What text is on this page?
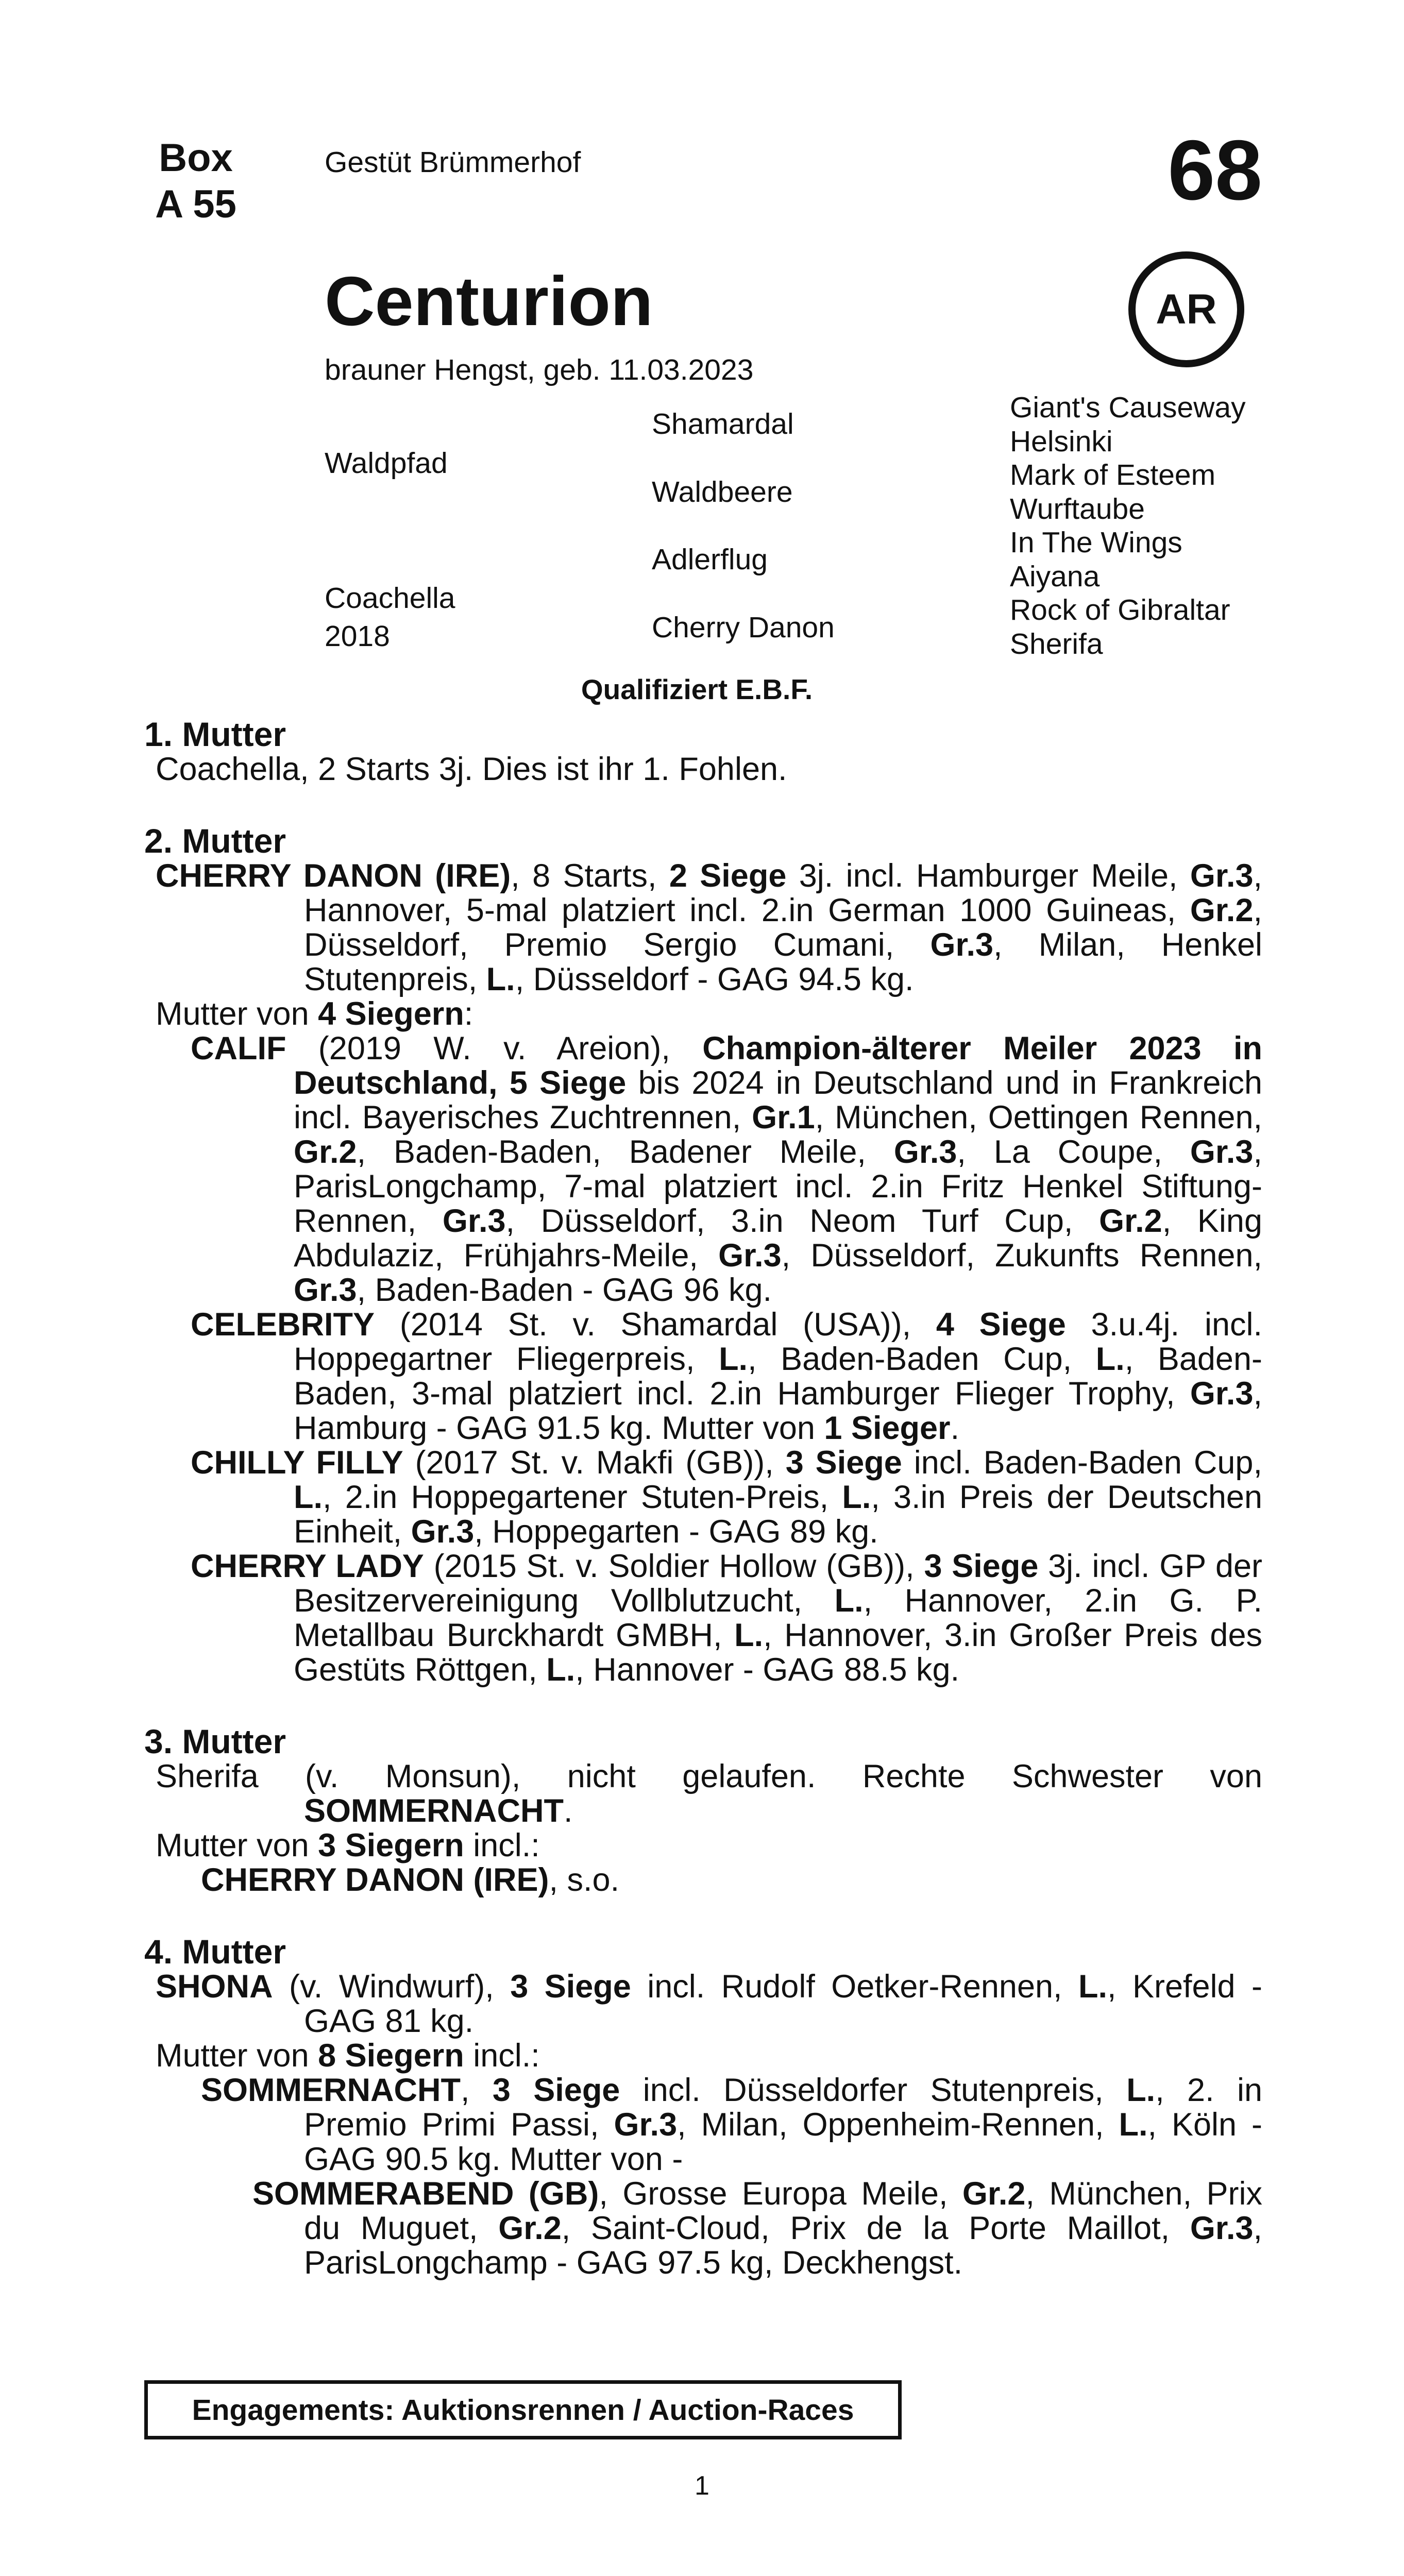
Box
A 55
Gestüt Brümmerhof	68
Centurion	AR
brauner Hengst, geb. 11.03.2023
Waldpfad
Coachella
2018
Shamardal
Waldbeere
Adlerflug
Cherry Danon
Giant's Causeway
Helsinki
Mark of Esteem
Wurftaube
In The Wings
Aiyana
Rock of Gibraltar
Sherifa
Qualifiziert E.B.F.
1. Mutter
Coachella, 2 Starts 3j. Dies ist ihr 1. Fohlen.
2. Mutter
CHERRY DANON (IRE), 8 Starts, 2 Siege 3j. incl. Hamburger Meile, Gr.3, Hannover, 5-mal platziert incl. 2.in German 1000 Guineas, Gr.2, Düsseldorf, Premio Sergio Cumani, Gr.3, Milan, Henkel Stutenpreis, L., Düsseldorf - GAG 94.5 kg.
Mutter von 4 Siegern:
CALIF (2019 W. v. Areion), Champion-älterer Meiler 2023 in Deutschland, 5 Siege bis 2024 in Deutschland und in Frankreich incl. Bayerisches Zuchtrennen, Gr.1, München, Oettingen Rennen, Gr.2, Baden-Baden, Badener Meile, Gr.3, La Coupe, Gr.3, ParisLongchamp, 7-mal platziert incl. 2.in Fritz Henkel Stiftung-Rennen, Gr.3, Düsseldorf, 3.in Neom Turf Cup, Gr.2, King Abdulaziz, Frühjahrs-Meile, Gr.3, Düsseldorf, Zukunfts Rennen, Gr.3, Baden-Baden - GAG 96 kg.
CELEBRITY (2014 St. v. Shamardal (USA)), 4 Siege 3.u.4j. incl. Hoppegartner Fliegerpreis, L., Baden-Baden Cup, L., Baden-Baden, 3-mal platziert incl. 2.in Hamburger Flieger Trophy, Gr.3, Hamburg - GAG 91.5 kg. Mutter von 1 Sieger.
CHILLY FILLY (2017 St. v. Makfi (GB)), 3 Siege incl. Baden-Baden Cup, L., 2.in Hoppegartener Stuten-Preis, L., 3.in Preis der Deutschen Einheit, Gr.3, Hoppegarten - GAG 89 kg.
CHERRY LADY (2015 St. v. Soldier Hollow (GB)), 3 Siege 3j. incl. GP der Besitzervereinigung Vollblutzucht, L., Hannover, 2.in G. P. Metallbau Burckhardt GMBH, L., Hannover, 3.in Großer Preis des Gestüts Röttgen, L., Hannover - GAG 88.5 kg.
3. Mutter
Sherifa (v. Monsun), nicht gelaufen. Rechte Schwester von SOMMERNACHT.
Mutter von 3 Siegern incl.:
CHERRY DANON (IRE), s.o.
4. Mutter
SHONA (v. Windwurf), 3 Siege incl. Rudolf Oetker-Rennen, L., Krefeld - GAG 81 kg.
Mutter von 8 Siegern incl.:
SOMMERNACHT, 3 Siege incl. Düsseldorfer Stutenpreis, L., 2. in Premio Primi Passi, Gr.3, Milan, Oppenheim-Rennen, L., Köln - GAG 90.5 kg. Mutter von -
SOMMERABEND (GB), Grosse Europa Meile, Gr.2, München, Prix du Muguet, Gr.2, Saint-Cloud, Prix de la Porte Maillot, Gr.3, ParisLongchamp - GAG 97.5 kg, Deckhengst.
Engagements: Auktionsrennen / Auction-Races
1
